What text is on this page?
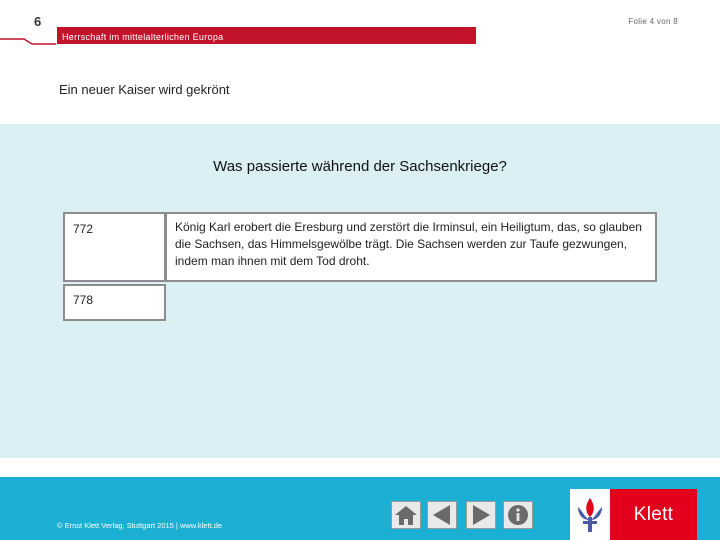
6	Folie 4 von 8
Herrschaft im mittelalterlichen Europa
Ein neuer Kaiser wird gekrönt
Was passierte während der Sachsenkriege?
772	König Karl erobert die Eresburg und zerstört die Irminsul, ein Heiligtum, das, so glauben die Sachsen, das Himmelsgewölbe trägt. Die Sachsen werden zur Taufe gezwungen, indem man ihnen mit dem Tod droht.
778
© Ernst Klett Verlag, Stuttgart 2015 | www.klett.de
Klett
